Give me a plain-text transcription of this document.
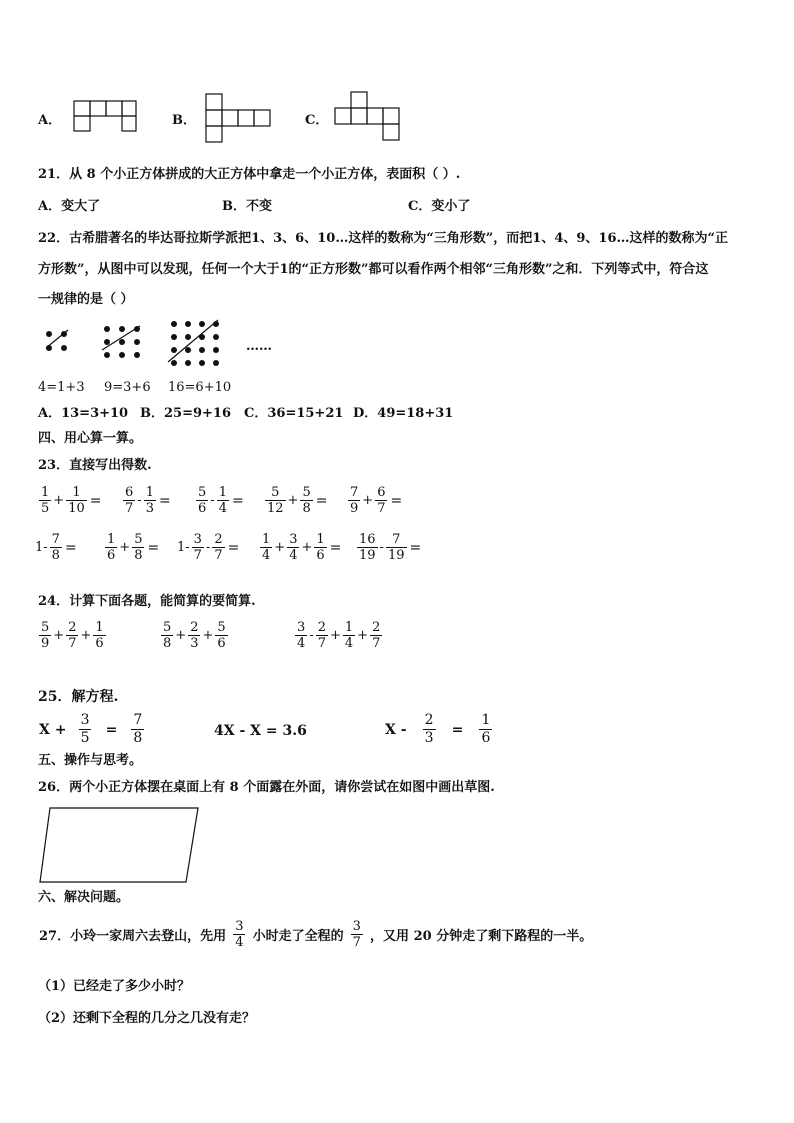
A．	B．	C．
21．从 8 个小正方体拼成的大正方体中拿走一个小正方体，表面积（ ）.
A．变大了	B．不变	C．变小了
22．古希腊著名的毕达哥拉斯学派把1、3、6、10…这样的数称为“三角形数”，而把1、4、9、16…这样的数称为“正
方形数”，从图中可以发现，任何一个大于1的“正方形数”都可以看作两个相邻“三角形数”之和．下列等式中，符合这
一规律的是（ ）
……
4=1+3 9=3+6 16=6+10
A．13=3+10 B．25=9+16 C．36=15+21 D．49=18+31
四、用心算一算。
23．直接写出得数.
$\frac{1}{5} + \frac{1}{10} = \frac{6}{7} - \frac{1}{3} = \frac{5}{6} - \frac{1}{4} = \frac{5}{12} + \frac{5}{8} = \frac{7}{9} + \frac{6}{7}$ =
$1- \frac{7}{8} = \frac{1}{6} + \frac{5}{8} = 1- \frac{3}{7} - \frac{2}{7} = \frac{1}{4} + \frac{3}{4} + \frac{1}{6} = \frac{16}{19} - \frac{7}{19}$ =
24．计算下面各题，能简算的要简算.
$\frac{5}{9} + \frac{2}{7} + \frac{1}{6}$	$\frac{5}{8} + \frac{2}{3} + \frac{5}{6}$	$\frac{3}{4} - \frac{2}{7} + \frac{1}{4} + \frac{2}{7}$
25．解方程.
$X + \frac{3}{5} = \frac{7}{8}$	4X - X = 3.6	$X - \frac{2}{3} = \frac{1}{6}$
五、操作与思考。
26．两个小正方体摆在桌面上有 8 个面露在外面，请你尝试在如图中画出草图.
六、解决问题。
27．小玲一家周六去登山，先用 $\frac{3}{4}$ 小时走了全程的 $\frac{3}{7}$ ，又用 20 分钟走了剩下路程的一半。
（1）已经走了多少小时？
（2）还剩下全程的几分之几没有走？
